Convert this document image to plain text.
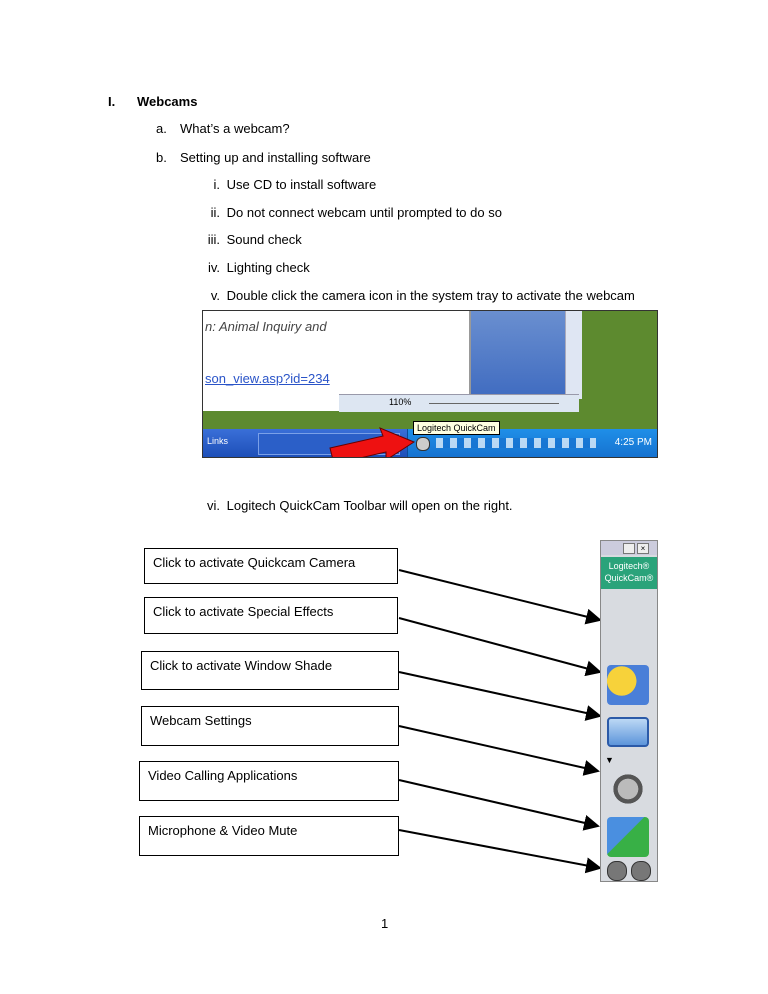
I. Webcams
a. What’s a webcam?
b. Setting up and installing software
i. Use CD to install software
ii. Do not connect webcam until prompted to do so
iii. Sound check
iv. Lighting check
v. Double click the camera icon in the system tray to activate the webcam
n: Animal Inquiry and
son_view.asp?id=234
110%
Links	4:25 PM
Logitech QuickCam
vi. Logitech QuickCam Toolbar will open on the right.
Click to activate Quickcam Camera
Click to activate Special Effects
Click to activate Window Shade
Webcam Settings
Video Calling Applications
Microphone & Video Mute
×
Logitech®
QuickCam®
▼
1
